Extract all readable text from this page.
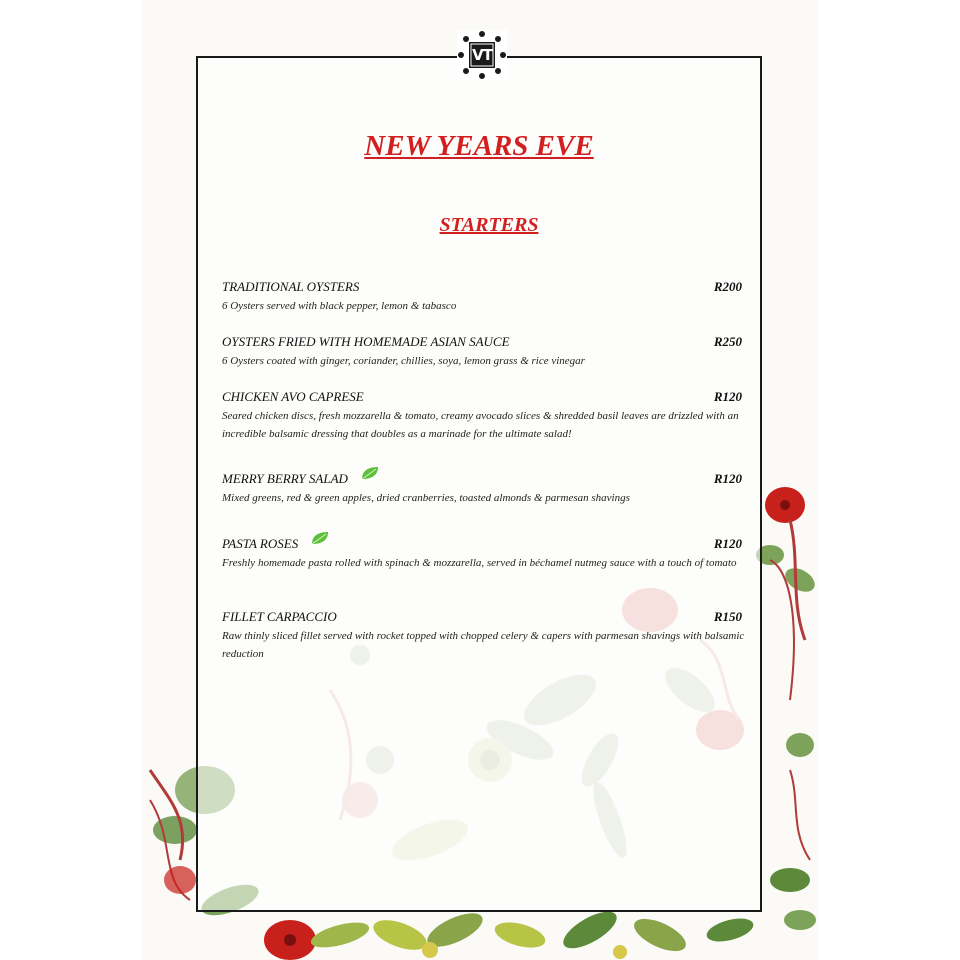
VT
NEW YEARS EVE
STARTERS
TRADITIONAL OYSTERS	R200
6 Oysters served with black pepper, lemon & tabasco
OYSTERS FRIED WITH HOMEMADE ASIAN SAUCE	R250
6 Oysters coated with ginger, coriander, chillies, soya, lemon grass & rice vinegar
CHICKEN AVO CAPRESE	R120
Seared chicken discs, fresh mozzarella & tomato, creamy avocado slices & shredded basil leaves are drizzled with an incredible balsamic dressing that doubles as a marinade for the ultimate salad!
MERRY BERRY SALAD	R120
Mixed greens, red & green apples, dried cranberries, toasted almonds & parmesan shavings
PASTA ROSES	R120
Freshly homemade pasta rolled with spinach & mozzarella, served in béchamel nutmeg sauce with a touch of tomato
FILLET CARPACCIO	R150
Raw thinly sliced fillet served with rocket topped with chopped celery & capers with parmesan shavings with balsamic reduction
